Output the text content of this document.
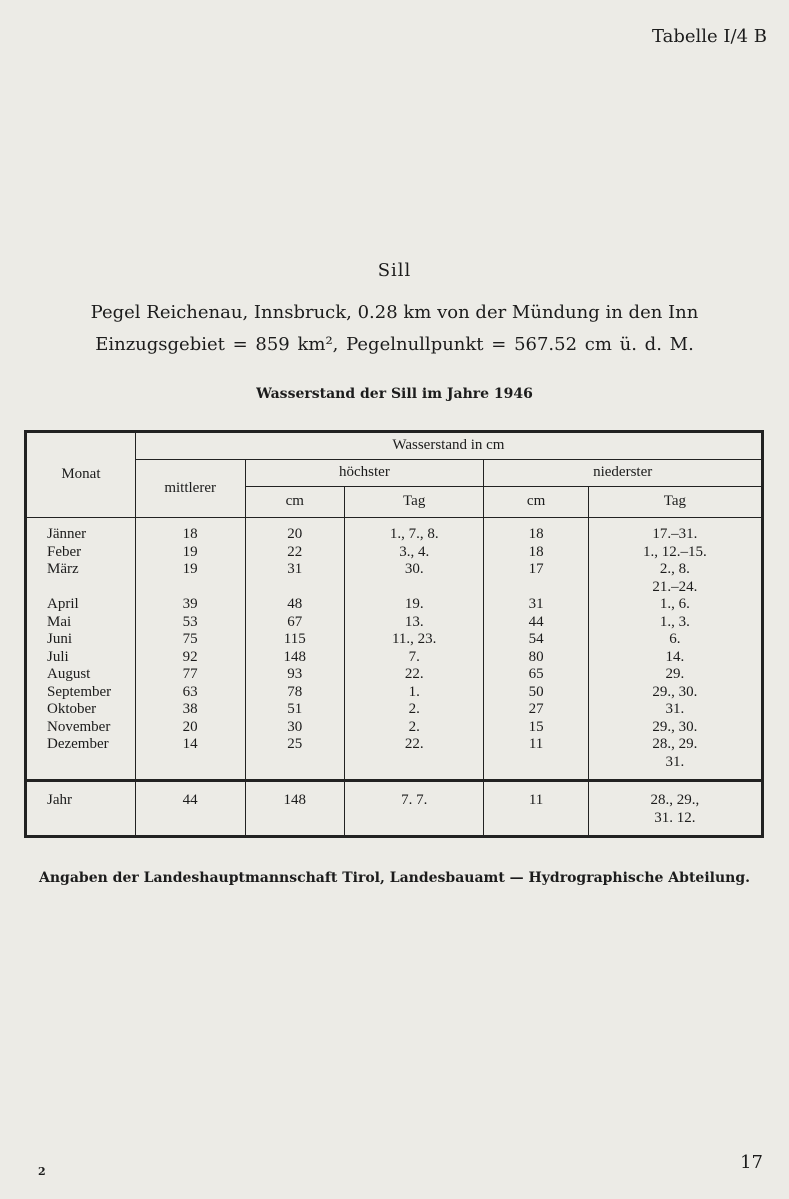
Tabelle I/4 B
Sill
Pegel Reichenau, Innsbruck, 0.28 km von der Mündung in den Inn
Einzugsgebiet = 859 km², Pegelnullpunkt = 567.52 cm ü. d. M.
Wasserstand der Sill im Jahre 1946
Monat	Wasserstand in cm				
	mittlerer	höchster		niederster	
		cm	Tag	cm	Tag
Jänner	18	20	1., 7., 8.	18	17.–31.
Feber	19	22	3., 4.	18	1., 12.–15.
März	19	31	30.	17	2., 8.
21.–24.
April	39	48	19.	31	1., 6.
Mai	53	67	13.	44	1., 3.
Juni	75	115	11., 23.	54	6.
Juli	92	148	7.	80	14.
August	77	93	22.	65	29.
September	63	78	1.	50	29., 30.
Oktober	38	51	2.	27	31.
November	20	30	2.	15	29., 30.
Dezember	14	25	22.	11	28., 29.
31.
Jahr	44	148	7. 7.	11	28., 29.,
31. 12.
Angaben der Landeshauptmannschaft Tirol, Landesbauamt — Hydrographische Abteilung.
2	17
